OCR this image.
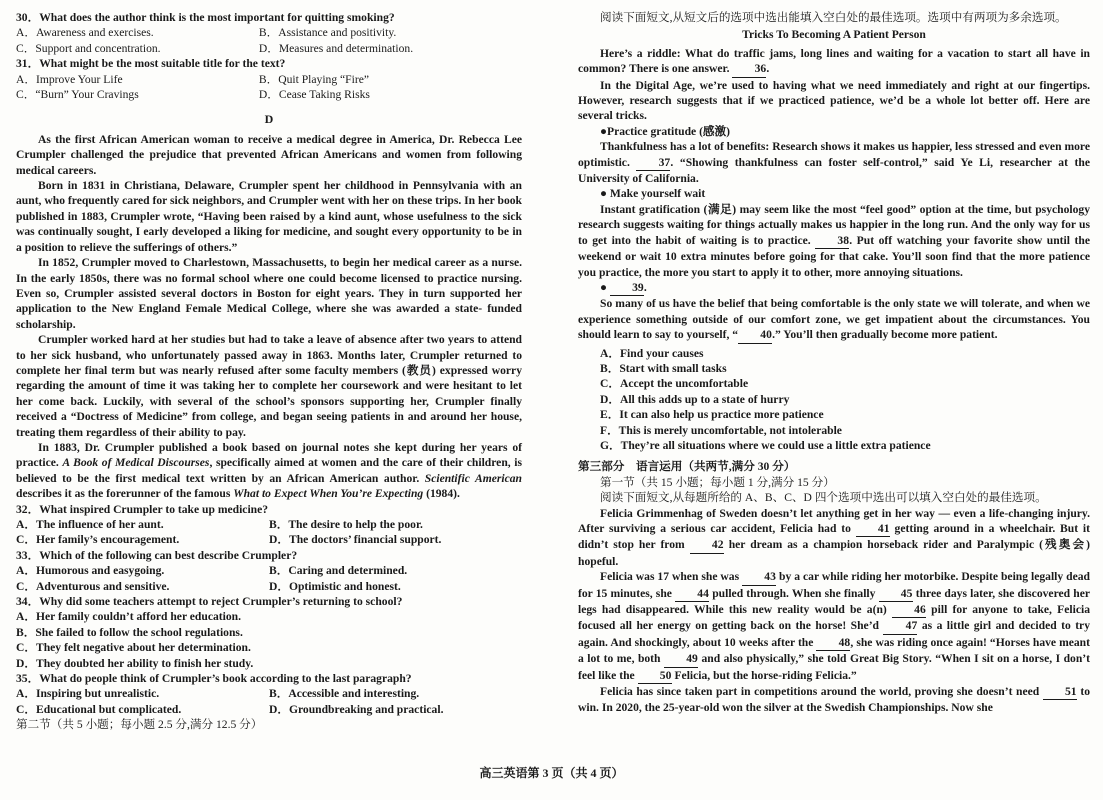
30．What does the author think is the most important for quitting smoking?

A．Awareness and exercises.	B．Assistance and positivity.
C．Support and concentration.	D．Measures and determination.

31．What might be the most suitable title for the text?

A．Improve Your Life	B．Quit Playing “Fire”
C．“Burn” Your Cravings	D．Cease Taking Risks
D

As the first African American woman to receive a medical degree in America, Dr. Rebecca Lee Crumpler challenged the prejudice that prevented African Americans and women from following medical careers.

Born in 1831 in Christiana, Delaware, Crumpler spent her childhood in Pennsylvania with an aunt, who frequently cared for sick neighbors, and Crumpler went with her on these trips. In her book published in 1883, Crumpler wrote, “Having been raised by a kind aunt, whose usefulness to the sick was continually sought, I early developed a liking for medicine, and sought every opportunity to be in a position to relieve the sufferings of others.”

In 1852, Crumpler moved to Charlestown, Massachusetts, to begin her medical career as a nurse. In the early 1850s, there was no formal school where one could become licensed to practice nursing. Even so, Crumpler assisted several doctors in Boston for eight years. They in turn supported her application to the New England Female Medical College, where she was awarded a state- funded scholarship.

Crumpler worked hard at her studies but had to take a leave of absence after two years to attend to her sick husband, who unfortunately passed away in 1863. Months later, Crumpler returned to complete her final term but was nearly refused after some faculty members (教员) expressed worry regarding the amount of time it was taking her to complete her coursework and were hesitant to let her come back. Luckily, with several of the school’s sponsors supporting her, Crumpler finally received a “Doctress of Medicine” from college, and began seeing patients in and around her house, treating them regardless of their ability to pay.

In 1883, Dr. Crumpler published a book based on journal notes she kept during her years of practice. A Book of Medical Discourses, specifically aimed at women and the care of their children, is believed to be the first medical text written by an African American author. Scientific American describes it as the forerunner of the famous What to Expect When You’re Expecting (1984).

32．What inspired Crumpler to take up medicine?

A．The influence of her aunt.	B．The desire to help the poor.
C．Her family’s encouragement.	D．The doctors’ financial support.

33．Which of the following can best describe Crumpler?

A．Humorous and easygoing.	B．Caring and determined.
C．Adventurous and sensitive.	D．Optimistic and honest.

34．Why did some teachers attempt to reject Crumpler’s returning to school?

A．Her family couldn’t afford her education.
B．She failed to follow the school regulations.
C．They felt negative about her determination.
D．They doubted her ability to finish her study.

35．What do people think of Crumpler’s book according to the last paragraph?

A．Inspiring but unrealistic.	B．Accessible and interesting.
C．Educational but complicated.	D．Groundbreaking and practical.
第二节（共 5 小题；每小题 2.5 分,满分 12.5 分）

阅读下面短文,从短文后的选项中选出能填入空白处的最佳选项。选项中有两项为多余选项。

Tricks To Becoming A Patient Person

Here’s a riddle: What do traffic jams, long lines and waiting for a vacation to start all have in common? There is one answer. 36.

In the Digital Age, we’re used to having what we need immediately and right at our fingertips. However, research suggests that if we practiced patience, we’d be a whole lot better off. Here are several tricks.

●Practice gratitude (感激)

Thankfulness has a lot of benefits: Research shows it makes us happier, less stressed and even more optimistic. 37. “Showing thankfulness can foster self-control,” said Ye Li, researcher at the University of California.

● Make yourself wait

Instant gratification (满足) may seem like the most “feel good” option at the time, but psychology research suggests waiting for things actually makes us happier in the long run. And the only way for us to get into the habit of waiting is to practice. 38. Put off watching your favorite show until the weekend or wait 10 extra minutes before going for that cake. You’ll soon find that the more patience you practice, the more you start to apply it to other, more annoying situations.

● 39.

So many of us have the belief that being comfortable is the only state we will tolerate, and when we experience something outside of our comfort zone, we get impatient about the circumstances. You should learn to say to yourself, “ 40.” You’ll then gradually become more patient.

A．Find your causes
B．Start with small tasks
C．Accept the uncomfortable
D．All this adds up to a state of hurry
E．It can also help us practice more patience
F．This is merely uncomfortable, not intolerable
G．They’re all situations where we could use a little extra patience
第三部分　语言运用（共两节,满分 30 分）

第一节（共 15 小题；每小题 1 分,满分 15 分）

阅读下面短文,从每题所给的 A、B、C、D 四个选项中选出可以填入空白处的最佳选项。

Felicia Grimmenhag of Sweden doesn’t let anything get in her way — even a life-changing injury. After surviving a serious car accident, Felicia had to 41 getting around in a wheelchair. But it didn’t stop her from 42 her dream as a champion horseback rider and Paralympic (残奥会) hopeful.

Felicia was 17 when she was 43 by a car while riding her motorbike. Despite being legally dead for 15 minutes, she 44 pulled through. When she finally 45 three days later, she discovered her legs had disappeared. While this new reality would be a(n) 46 pill for anyone to take, Felicia focused all her energy on getting back on the horse! She’d 47 as a little girl and decided to try again. And shockingly, about 10 weeks after the 48, she was riding once again! “Horses have meant a lot to me, both 49 and also physically,” she told Great Big Story. “When I sit on a horse, I don’t feel like the 50 Felicia, but the horse-riding Felicia.”

Felicia has since taken part in competitions around the world, proving she doesn’t need 51 to win. In 2020, the 25-year-old won the silver at the Swedish Championships. Now she

高三英语第 3 页（共 4 页）
